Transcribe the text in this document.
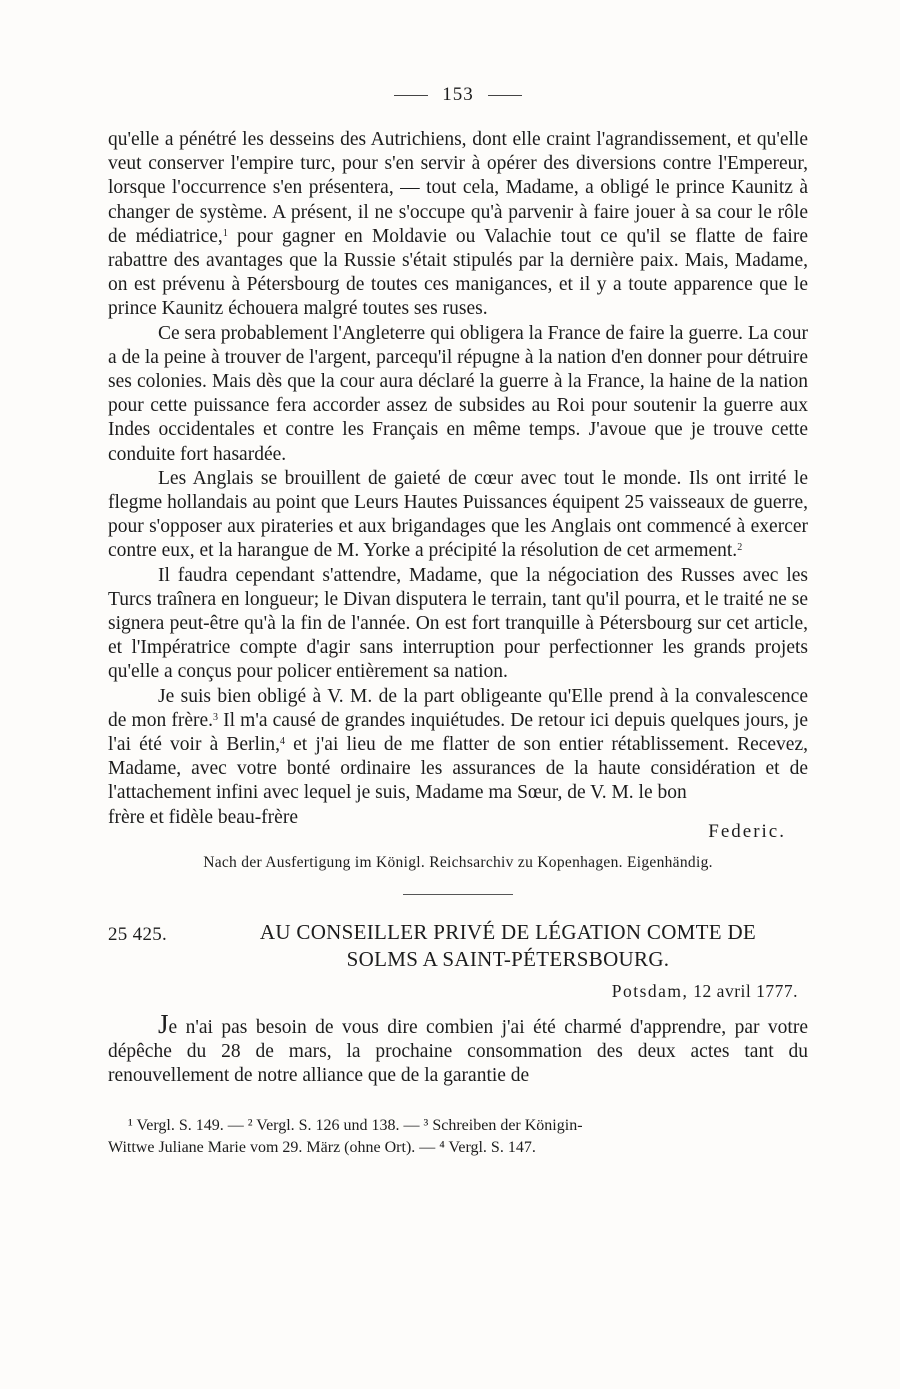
153

qu'elle a pénétré les desseins des Autrichiens, dont elle craint l'agrandissement, et qu'elle veut conserver l'empire turc, pour s'en servir à opérer des diversions contre l'Empereur, lorsque l'occurrence s'en présentera, — tout cela, Madame, a obligé le prince Kaunitz à changer de système. A présent, il ne s'occupe qu'à parvenir à faire jouer à sa cour le rôle de médiatrice,$^1$ pour gagner en Moldavie ou Valachie tout ce qu'il se flatte de faire rabattre des avantages que la Russie s'était stipulés par la dernière paix. Mais, Madame, on est prévenu à Pétersbourg de toutes ces manigances, et il y a toute apparence que le prince Kaunitz échouera malgré toutes ses ruses.

Ce sera probablement l'Angleterre qui obligera la France de faire la guerre. La cour a de la peine à trouver de l'argent, parcequ'il répugne à la nation d'en donner pour détruire ses colonies. Mais dès que la cour aura déclaré la guerre à la France, la haine de la nation pour cette puissance fera accorder assez de subsides au Roi pour soutenir la guerre aux Indes occidentales et contre les Français en même temps. J'avoue que je trouve cette conduite fort hasardée.

Les Anglais se brouillent de gaieté de cœur avec tout le monde. Ils ont irrité le flegme hollandais au point que Leurs Hautes Puissances équipent 25 vaisseaux de guerre, pour s'opposer aux pirateries et aux brigandages que les Anglais ont commencé à exercer contre eux, et la harangue de M. Yorke a précipité la résolution de cet armement.$^2$

Il faudra cependant s'attendre, Madame, que la négociation des Russes avec les Turcs traînera en longueur; le Divan disputera le terrain, tant qu'il pourra, et le traité ne se signera peut-être qu'à la fin de l'année. On est fort tranquille à Pétersbourg sur cet article, et l'Impératrice compte d'agir sans interruption pour perfectionner les grands projets qu'elle a conçus pour policer entièrement sa nation.

Je suis bien obligé à V. M. de la part obligeante qu'Elle prend à la convalescence de mon frère.$^3$ Il m'a causé de grandes inquiétudes. De retour ici depuis quelques jours, je l'ai été voir à Berlin,$^4$ et j'ai lieu de me flatter de son entier rétablissement. Recevez, Madame, avec votre bonté ordinaire les assurances de la haute considération et de l'attachement infini avec lequel je suis, Madame ma Sœur, de V. M. le bon

frère et fidèle beau-frère
Federic.
Nach der Ausfertigung im Königl. Reichsarchiv zu Kopenhagen. Eigenhändig.
25 425.	AU CONSEILLER PRIVÉ DE LÉGATION COMTE DE
SOLMS A SAINT-PÉTERSBOURG.
Potsdam, 12 avril 1777.

Je n'ai pas besoin de vous dire combien j'ai été charmé d'apprendre, par votre dépêche du 28 de mars, la prochaine consommation des deux actes tant du renouvellement de notre alliance que de la garantie de

¹ Vergl. S. 149. — ² Vergl. S. 126 und 138. — ³ Schreiben der Königin-

Wittwe Juliane Marie vom 29. März (ohne Ort). — ⁴ Vergl. S. 147.
